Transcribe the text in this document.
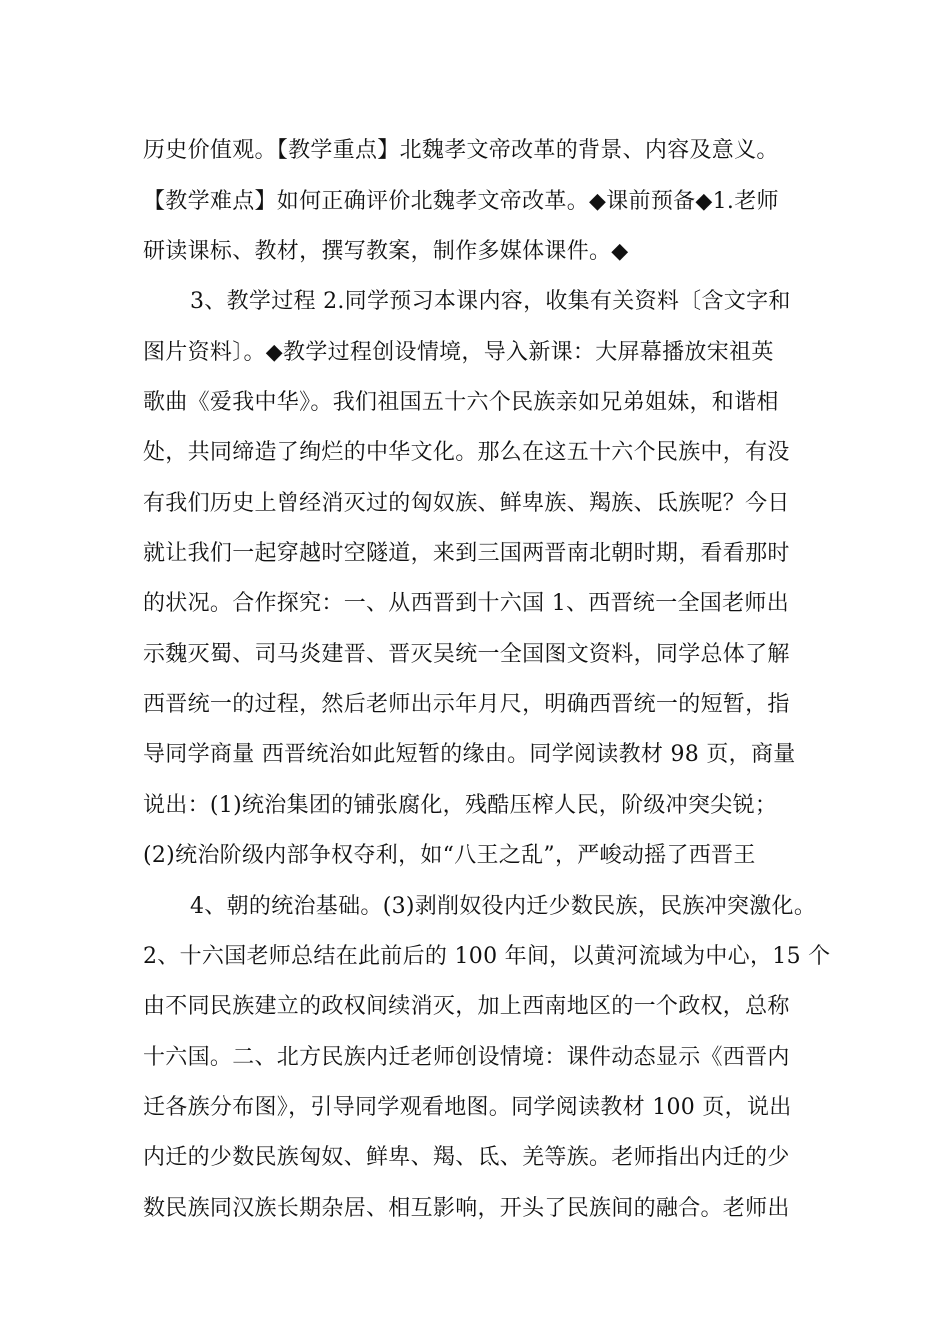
历史价值观。【教学重点】北魏孝文帝改革的背景、内容及意义。
【教学难点】如何正确评价北魏孝文帝改革。◆课前预备◆1.老师
研读课标、教材，撰写教案，制作多媒体课件。◆
3、教学过程 2.同学预习本课内容，收集有关资料〔含文字和
图片资料〕。◆教学过程创设情境，导入新课：大屏幕播放宋祖英
歌曲《爱我中华》。我们祖国五十六个民族亲如兄弟姐妹，和谐相
处，共同缔造了绚烂的中华文化。那么在这五十六个民族中，有没
有我们历史上曾经消灭过的匈奴族、鲜卑族、羯族、氐族呢？今日
就让我们一起穿越时空隧道，来到三国两晋南北朝时期，看看那时
的状况。合作探究：一、从西晋到十六国 1、西晋统一全国老师出
示魏灭蜀、司马炎建晋、晋灭吴统一全国图文资料，同学总体了解
西晋统一的过程，然后老师出示年月尺，明确西晋统一的短暂，指
导同学商量 西晋统治如此短暂的缘由。同学阅读教材 98 页，商量
说出：(1)统治集团的铺张腐化，残酷压榨人民，阶级冲突尖锐；
(2)统治阶级内部争权夺利，如“八王之乱”，严峻动摇了西晋王
4、朝的统治基础。(3)剥削奴役内迁少数民族，民族冲突激化。
2、十六国老师总结在此前后的 100 年间，以黄河流域为中心，15 个
由不同民族建立的政权间续消灭，加上西南地区的一个政权，总称
十六国。二、北方民族内迁老师创设情境：课件动态显示《西晋内
迁各族分布图》，引导同学观看地图。同学阅读教材 100 页，说出
内迁的少数民族匈奴、鲜卑、羯、氐、羌等族。老师指出内迁的少
数民族同汉族长期杂居、相互影响，开头了民族间的融合。老师出
